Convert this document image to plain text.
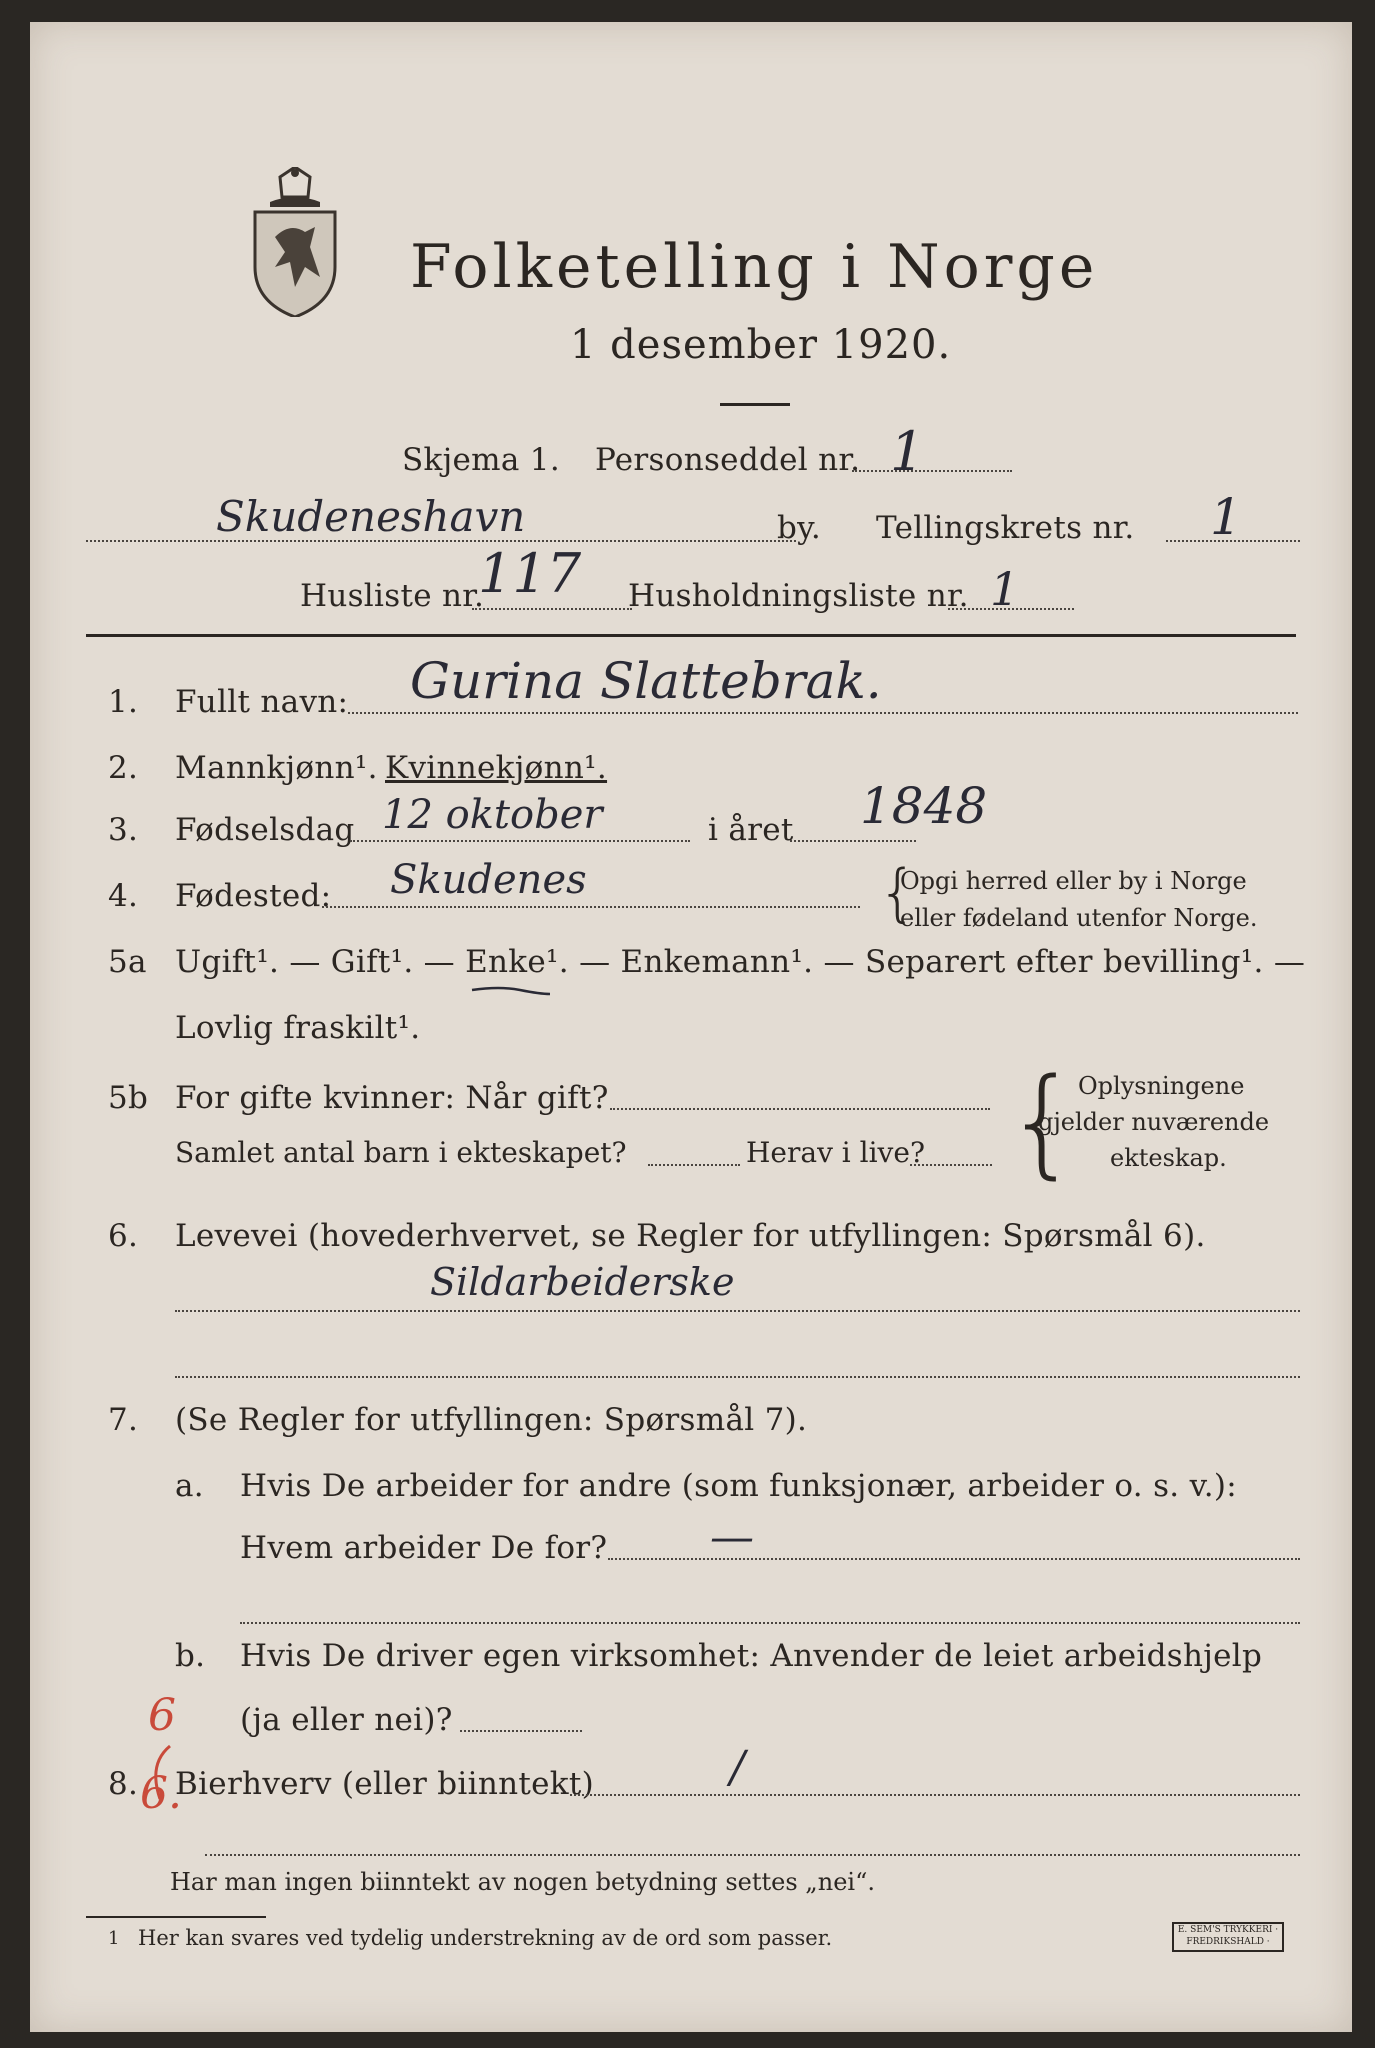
Folketelling i Norge
1 desember 1920.
Skjema 1. Personseddel nr. 1
Skudeneshavn	by. Tellingskrets nr. 1
Husliste nr.
117 Husholdningsliste nr. 1
1. Fullt navn: Gurina Slattebrak.
2. Mannkjønn¹. Kvinnekjønn¹.
3. Fødselsdag 12 oktober	i året 1848
4. Fødested: Skudenes	{
Opgi herred eller by i Norge
eller fødeland utenfor Norge.
5a Ugift¹. — Gift¹. — Enke¹. — Enkemann¹. — Separert efter bevilling¹. —
Lovlig fraskilt¹.
5b For gifte kvinner: Når gift?
Samlet antal barn i ekteskapet?	Herav i live? {
Oplysningene
gjelder nuværende
ekteskap.
6. Levevei (hovederhvervet, se Regler for utfyllingen: Spørsmål 6).
Sildarbeiderske
7. (Se Regler for utfyllingen: Spørsmål 7).
a. Hvis De arbeider for andre (som funksjonær, arbeider o. s. v.):
Hvem arbeider De for? —
b. Hvis De driver egen virksomhet: Anvender de leiet arbeidshjelp
(ja eller nei)?
6
6.
8. Bierhverv (eller biinntekt)	/
Har man ingen biinntekt av nogen betydning settes „nei“.
1 Her kan svares ved tydelig understrekning av de ord som passer.	E. SEM'S TRYKKERI · FREDRIKSHALD ·
